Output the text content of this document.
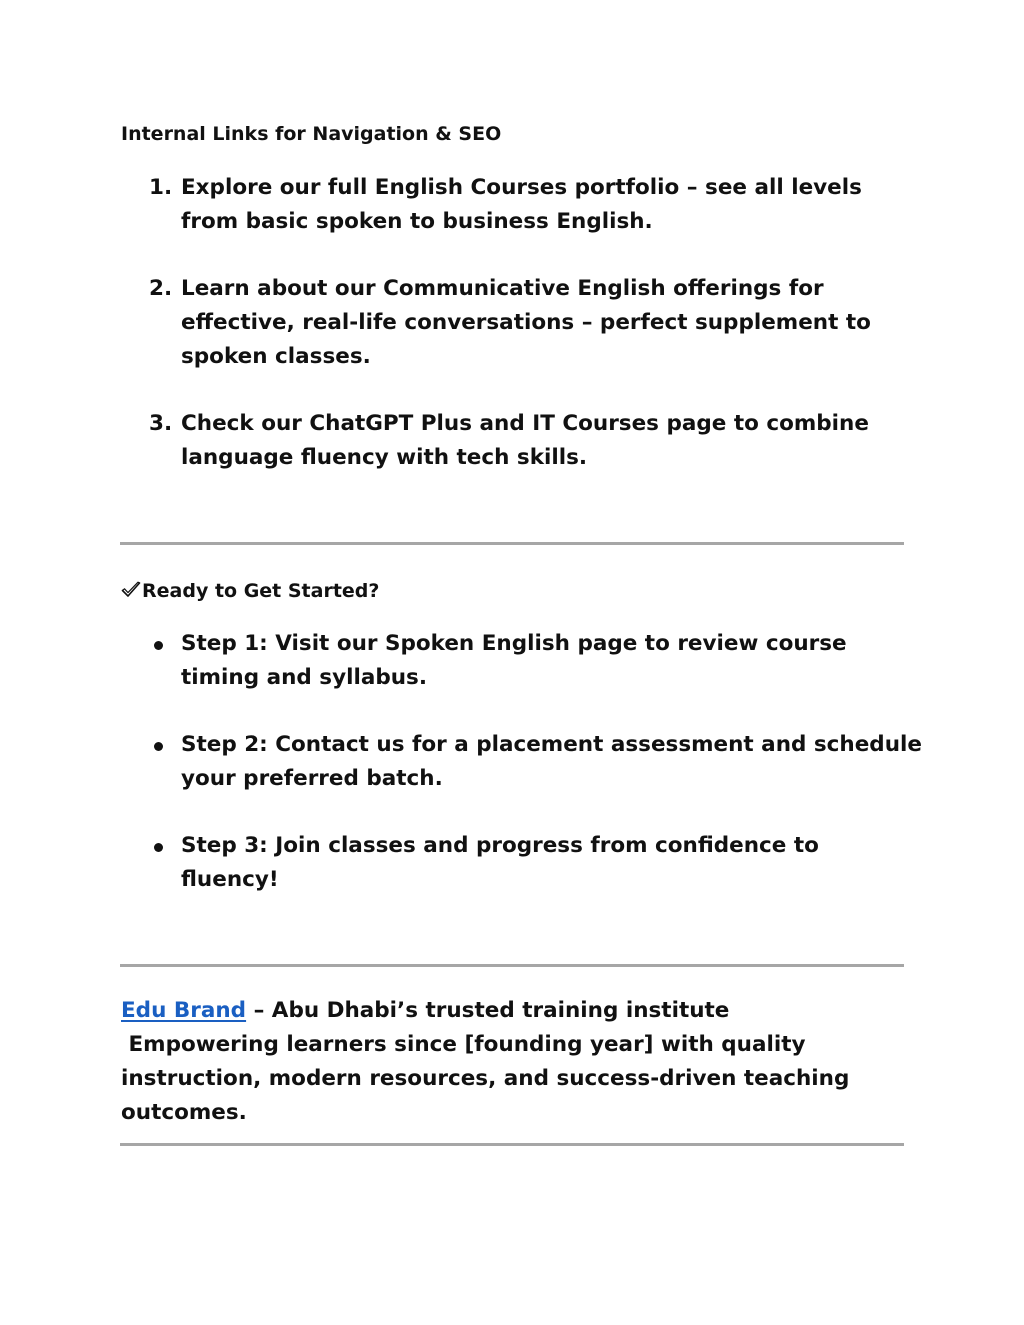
Internal Links for Navigation & SEO

1. Explore our full English Courses portfolio – see all levels
from basic spoken to business English.
2. Learn about our Communicative English offerings for
effective, real-life conversations – perfect supplement to
spoken classes.
3. Check our ChatGPT Plus and IT Courses page to combine
language fluency with tech skills.

Ready to Get Started?

Step 1: Visit our Spoken English page to review course
timing and syllabus.
Step 2: Contact us for a placement assessment and schedule
your preferred batch.
Step 3: Join classes and progress from confidence to
fluency!
Edu Brand – Abu Dhabi’s trusted training institute
Empowering learners since [founding year] with quality
instruction, modern resources, and success-driven teaching
outcomes.
